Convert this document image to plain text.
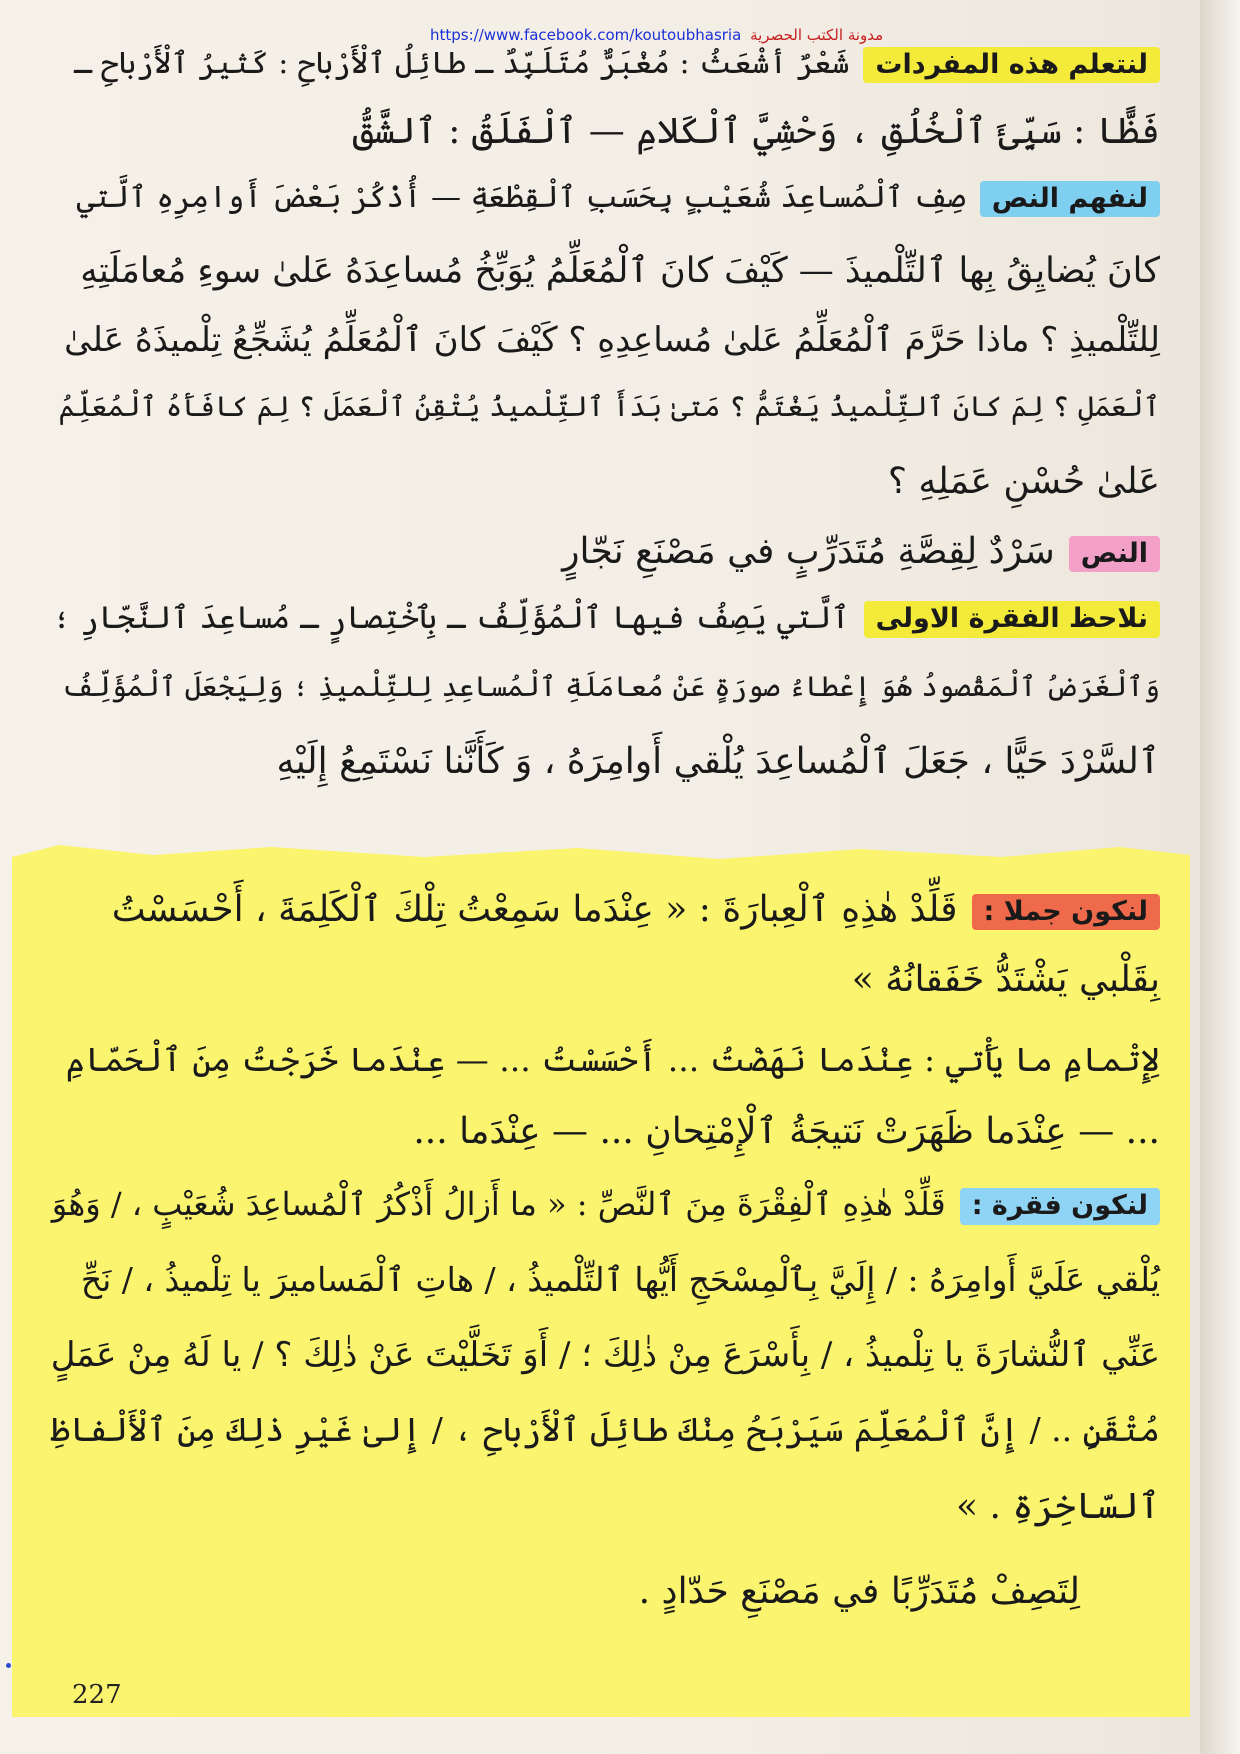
https://www.facebook.com/koutoubhasria مدونة الكتب الحصرية
لنتعلم هذه المفرداتشَعْرٌ أشْعَثُ : مُغْبَرٌّ مُتَلَبِّدٌ ـ طائِلُ ٱلْأَرْباحِ : كَثيرُ ٱلْأَرْباحِ ـ
فَظًّا : سَيِّئَ ٱلْخُلُقِ ، وَحْشِيَّ ٱلْكَلامِ — ٱلْفَلَقُ : ٱلشَّقُّ
لنفهم النصصِفِ ٱلْمُساعِدَ شُعَيْبٍ بِحَسَبِ ٱلْقِطْعَةِ — أُذْكُرْ بَعْضَ أَوامِرِهِ ٱلَّتي
كانَ يُضايِقُ بِها ٱلتِّلْميذَ — كَيْفَ كانَ ٱلْمُعَلِّمُ يُوَبِّخُ مُساعِدَهُ عَلىٰ سوءِ مُعامَلَتِهِ
لِلتِّلْميذِ ؟ ماذا حَرَّمَ ٱلْمُعَلِّمُ عَلىٰ مُساعِدِهِ ؟ كَيْفَ كانَ ٱلْمُعَلِّمُ يُشَجِّعُ تِلْميذَهُ عَلىٰ
ٱلْعَمَلِ ؟ لِمَ كانَ ٱلتِّلْميذُ يَغْتَمُّ ؟ مَتىٰ بَدَأَ ٱلتِّلْميذُ يُتْقِنُ ٱلْعَمَلَ ؟ لِمَ كافَأَهُ ٱلْمُعَلِّمُ
عَلىٰ حُسْنِ عَمَلِهِ ؟
النصسَرْدٌ لِقِصَّةِ مُتَدَرِّبٍ في مَصْنَعِ نَجّارٍ
نلاحظ الفقرة الاولىٱلَّتي يَصِفُ فيها ٱلْمُؤَلِّفُ ـ بِٱخْتِصارٍ ـ مُساعِدَ ٱلنَّجّارِ ؛
وَٱلْغَرَضُ ٱلْمَقْصودُ هُوَ إِعْطاءُ صورَةٍ عَنْ مُعامَلَةِ ٱلْمُساعِدِ لِلتِّلْميذِ ؛ وَلِيَجْعَلَ ٱلْمُؤَلِّفُ
ٱلسَّرْدَ حَيًّا ، جَعَلَ ٱلْمُساعِدَ يُلْقي أَوامِرَهُ ، وَ كَأَنَّنا نَسْتَمِعُ إِلَيْهِ
لنكون جملا :قَلِّدْ هٰذِهِ ٱلْعِبارَةَ : « عِنْدَما سَمِعْتُ تِلْكَ ٱلْكَلِمَةَ ، أَحْسَسْتُ
بِقَلْبي يَشْتَدُّ خَفَقانُهُ »
لِإِتْمامِ ما يَأْتي : عِنْدَما نَهَضْتُ ... أَحْسَسْتُ ... — عِنْدَما خَرَجْتُ مِنَ ٱلْحَمّامِ
... — عِنْدَما ظَهَرَتْ نَتيجَةُ ٱلْإِمْتِحانِ ... — عِنْدَما ...
لنكون فقرة :قَلِّدْ هٰذِهِ ٱلْفِقْرَةَ مِنَ ٱلنَّصِّ : « ما أَزالُ أَذْكُرُ ٱلْمُساعِدَ شُعَيْبٍ ، / وَهُوَ
يُلْقي عَلَيَّ أَوامِرَهُ : / إِلَيَّ بِٱلْمِسْحَجِ أَيُّها ٱلتِّلْميذُ ، / هاتِ ٱلْمَساميرَ يا تِلْميذُ ، / نَحِّ
عَنِّي ٱلنُّشارَةَ يا تِلْميذُ ، / بِأَسْرَعَ مِنْ ذٰلِكَ ؛ / أَوَ تَخَلَّيْتَ عَنْ ذٰلِكَ ؟ / يا لَهُ مِنْ عَمَلٍ
مُتْقَنٍ .. / إِنَّ ٱلْمُعَلِّمَ سَيَرْبَحُ مِنْكَ طائِلَ ٱلْأَرْباحِ ، / إِلىٰ غَيْرِ ذٰلِكَ مِنَ ٱلْأَلْفاظِ
ٱلسّاخِرَةِ . »
لِتَصِفْ مُتَدَرِّبًا في مَصْنَعِ حَدّادٍ .
227
